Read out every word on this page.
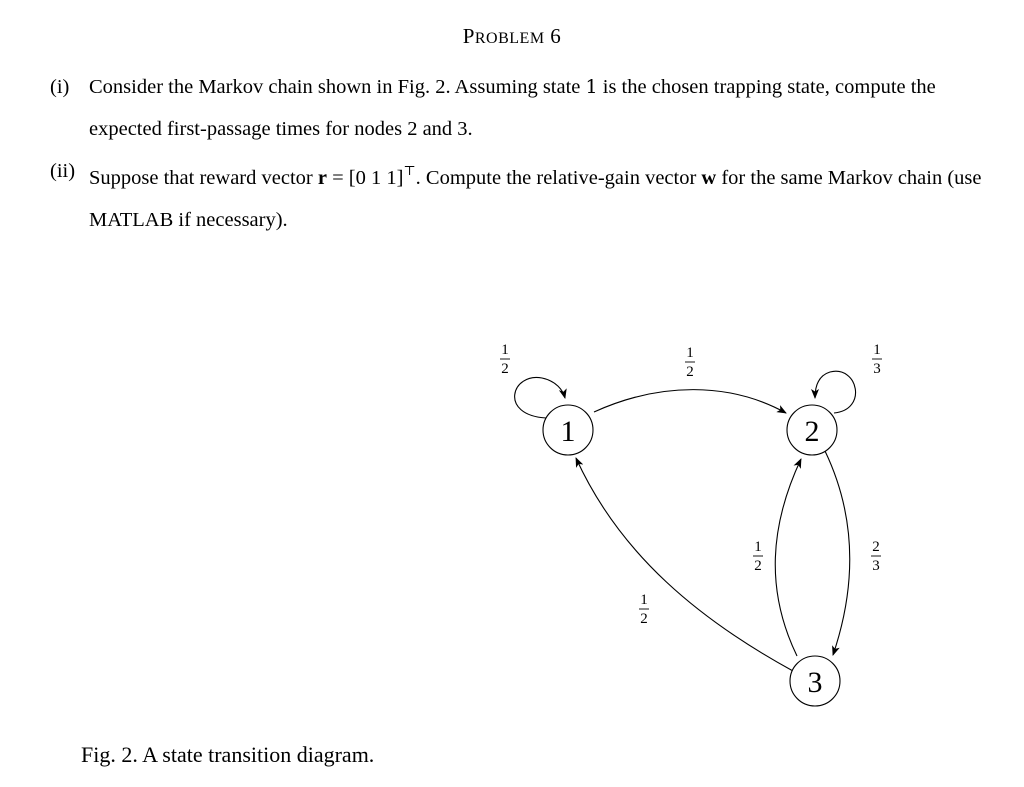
PROBLEM 6
(i) Consider the Markov chain shown in Fig. 2. Assuming state 1 is the chosen trapping state, compute the expected first-passage times for nodes 2 and 3.
(ii) Suppose that reward vector r = [0 1 1]⊤. Compute the relative-gain vector w for the same Markov chain (use MATLAB if necessary).
1	2
3
1
2
1
2
1
3
2
3
1
2
1
2
Fig. 2. A state transition diagram.
